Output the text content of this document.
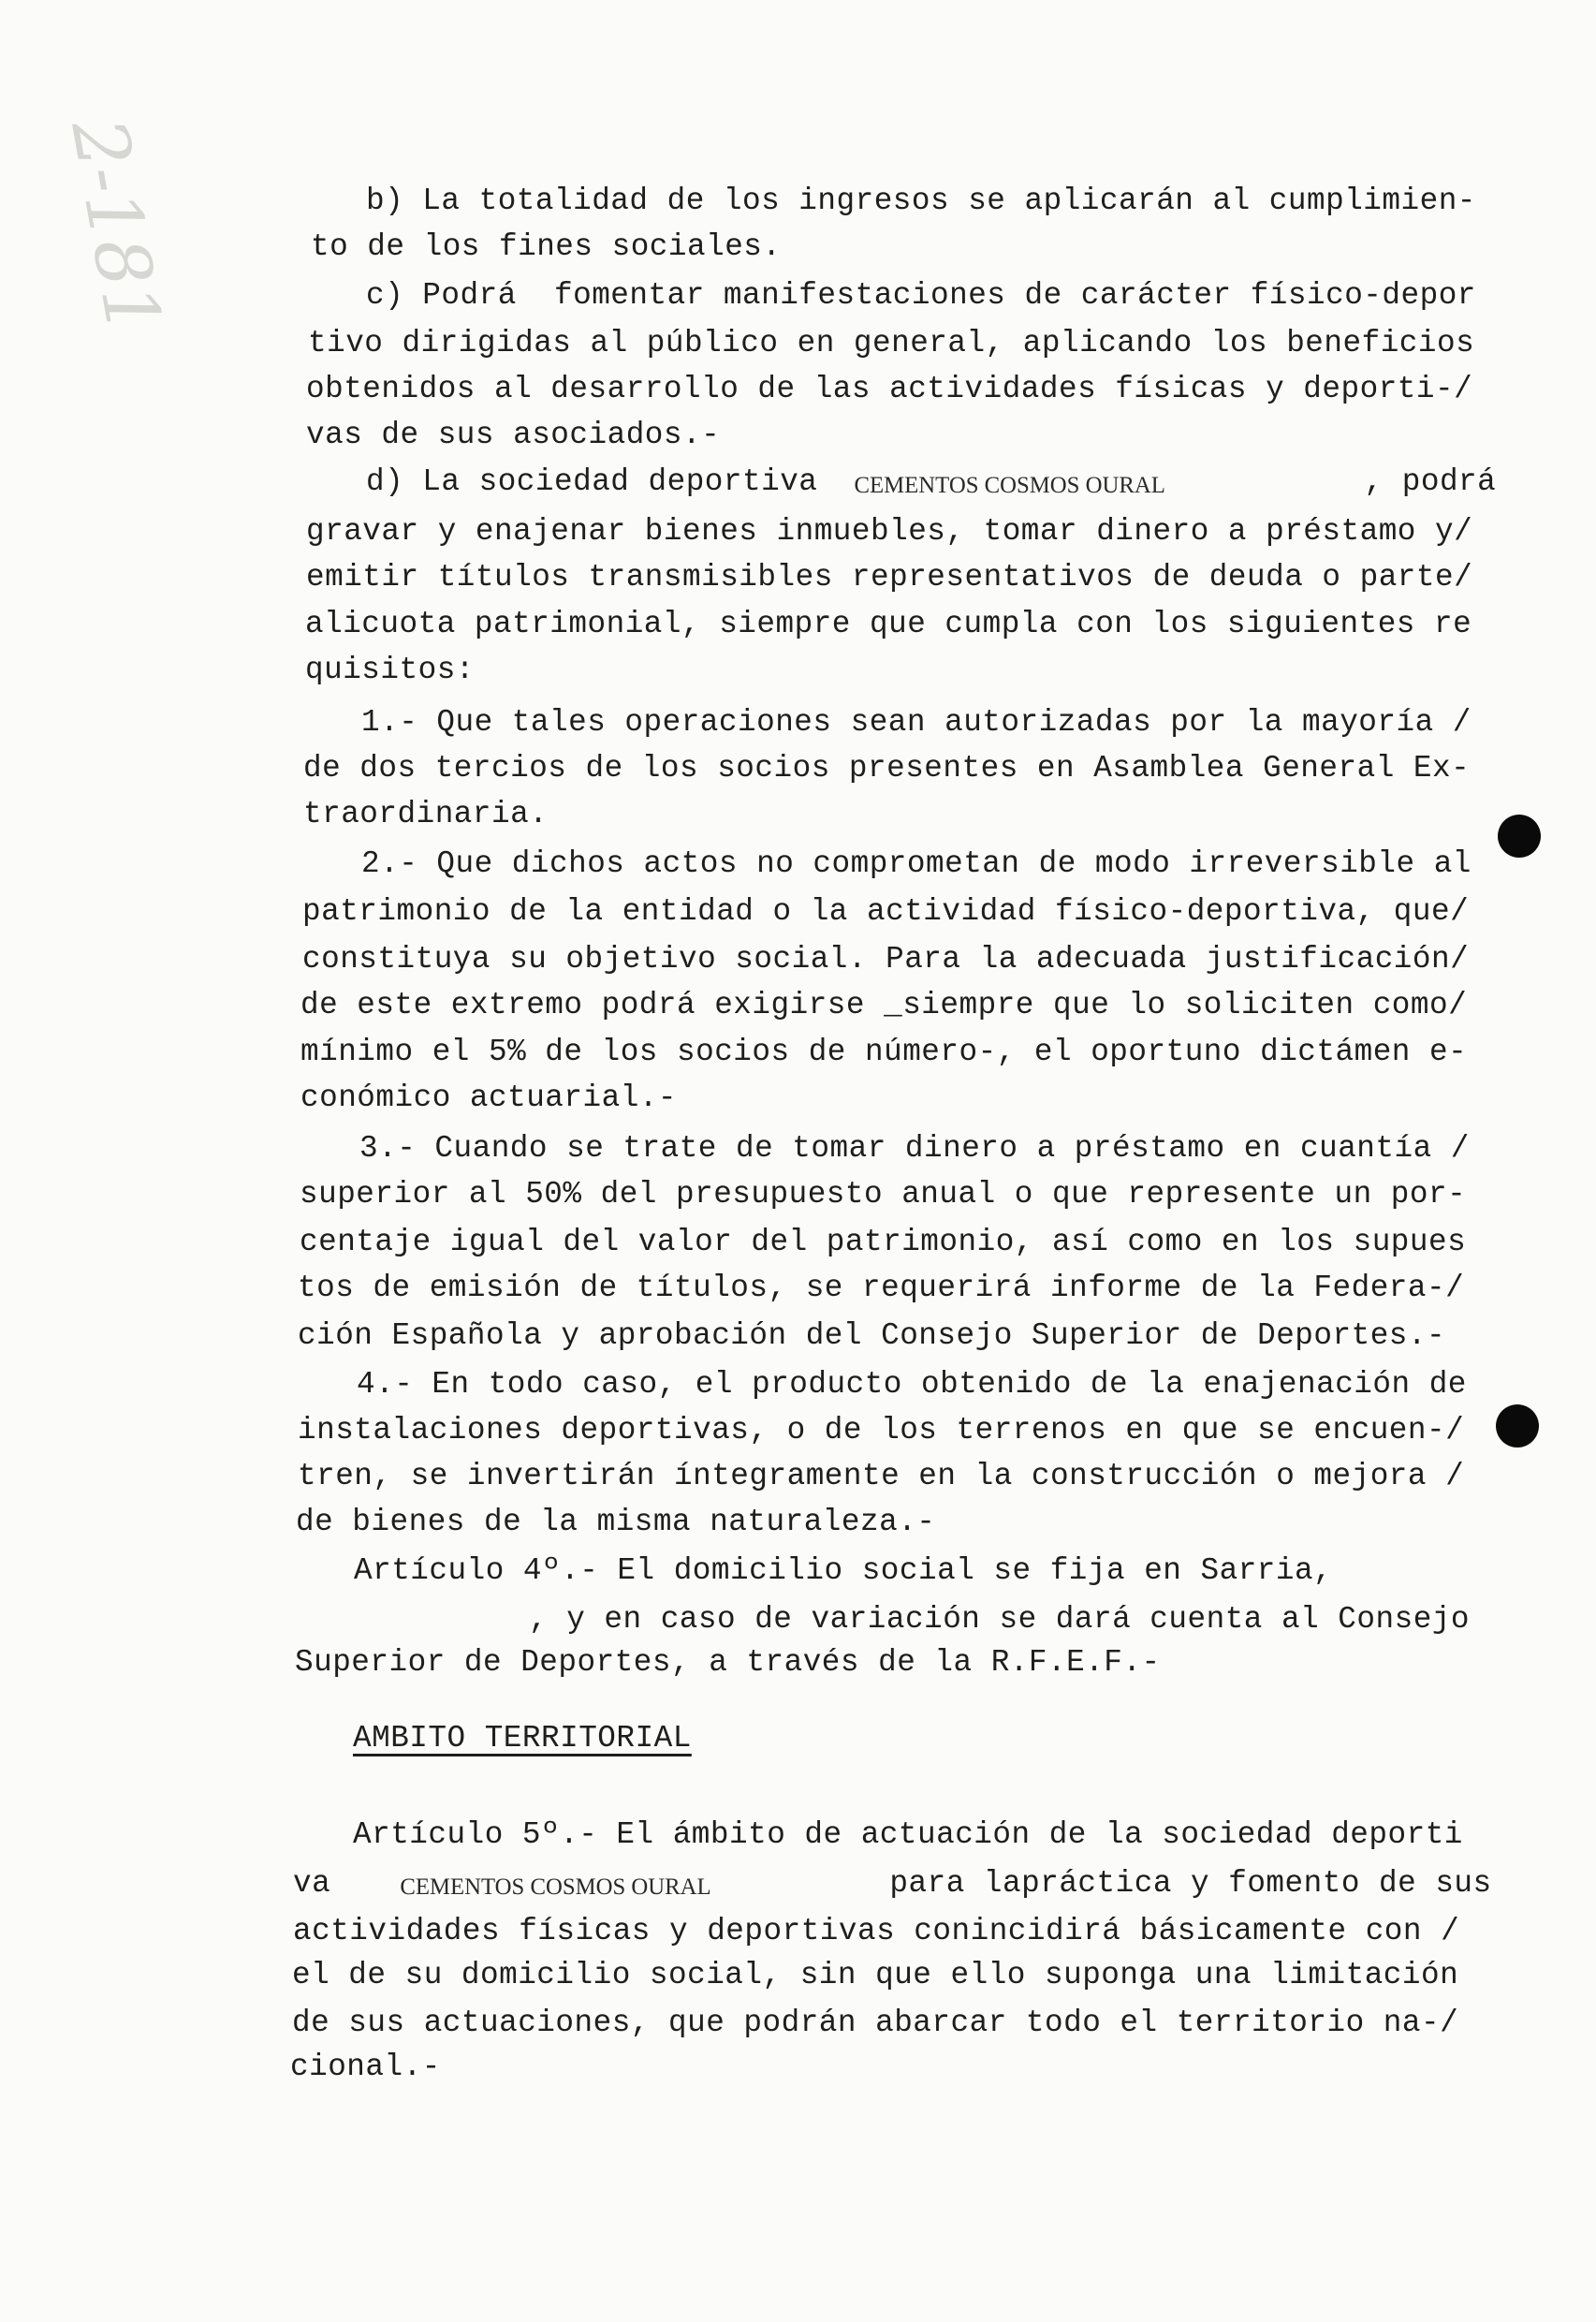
2-181	b) La totalidad de los ingresos se aplicarán al cumplimien-
to de los fines sociales.
c) Podrá  fomentar manifestaciones de carácter físico-depor
tivo dirigidas al público en general, aplicando los beneficios
obtenidos al desarrollo de las actividades físicas y deporti-/
vas de sus asociados.-
d) La sociedad deportiva CEMENTOS COSMOS OURAL	, podrá
gravar y enajenar bienes inmuebles, tomar dinero a préstamo y/
emitir títulos transmisibles representativos de deuda o parte/
alicuota patrimonial, siempre que cumpla con los siguientes re
quisitos:
1.- Que tales operaciones sean autorizadas por la mayoría /
de dos tercios de los socios presentes en Asamblea General Ex-
traordinaria.
2.- Que dichos actos no comprometan de modo irreversible al
patrimonio de la entidad o la actividad físico-deportiva, que/
constituya su objetivo social. Para la adecuada justificación/
de este extremo podrá exigirse _siempre que lo soliciten como/
mínimo el 5% de los socios de número-, el oportuno dictámen e-
conómico actuarial.-
3.- Cuando se trate de tomar dinero a préstamo en cuantía /
superior al 50% del presupuesto anual o que represente un por-
centaje igual del valor del patrimonio, así como en los supues
tos de emisión de títulos, se requerirá informe de la Federa-/
ción Española y aprobación del Consejo Superior de Deportes.-
4.- En todo caso, el producto obtenido de la enajenación de
instalaciones deportivas, o de los terrenos en que se encuen-/
tren, se invertirán íntegramente en la construcción o mejora /
de bienes de la misma naturaleza.-
Artículo 4º.- El domicilio social se fija en Sarria,
, y en caso de variación se dará cuenta al Consejo
Superior de Deportes, a través de la R.F.E.F.-
AMBITO TERRITORIAL
Artículo 5º.- El ámbito de actuación de la sociedad deporti
va	CEMENTOS COSMOS OURAL	para lapráctica y fomento de sus
actividades físicas y deportivas conincidirá básicamente con /
el de su domicilio social, sin que ello suponga una limitación
de sus actuaciones, que podrán abarcar todo el territorio na-/
cional.-
